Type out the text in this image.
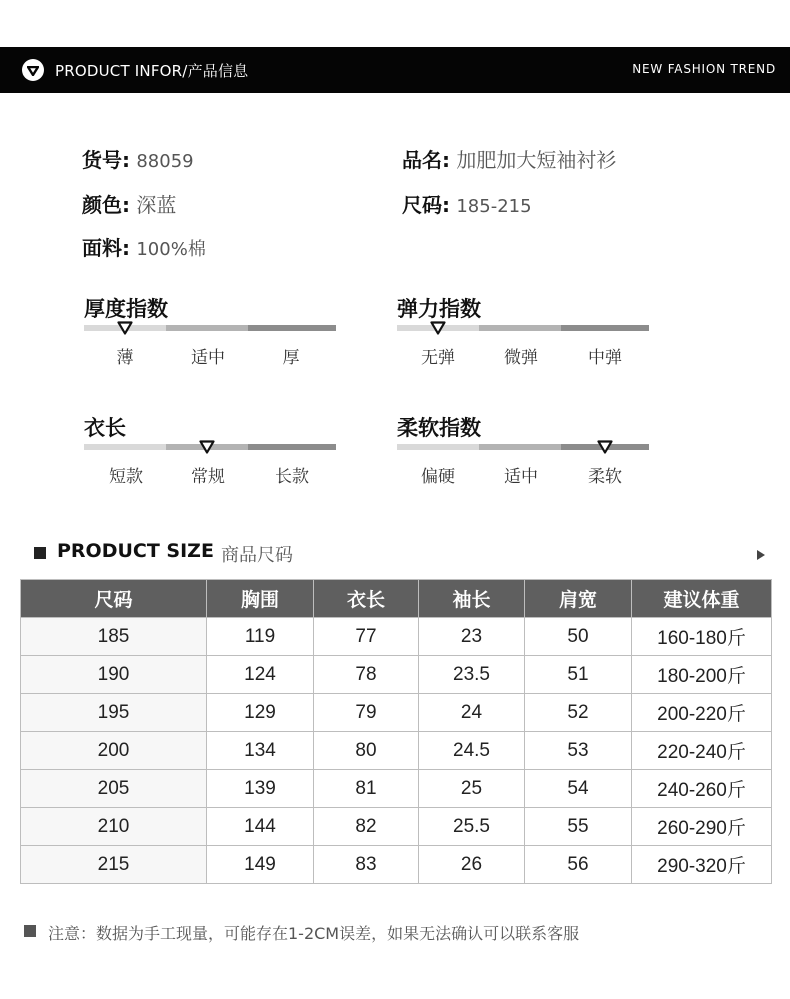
PRODUCT INFOR/产品信息	NEW FASHION TREND
货号: 88059	品名: 加肥加大短袖衬衫
颜色: 深蓝	尺码: 185-215
面料: 100%棉
厚度指数
薄	适中	厚
弹力指数
无弹	微弹	中弹
衣长
短款	常规	长款
柔软指数
偏硬	适中	柔软
PRODUCT SIZE 商品尺码
尺码	胸围	衣长	袖长	肩宽	建议体重
185	119	77	23	50	160-180斤
190	124	78	23.5	51	180-200斤
195	129	79	24	52	200-220斤
200	134	80	24.5	53	220-240斤
205	139	81	25	54	240-260斤
210	144	82	25.5	55	260-290斤
215	149	83	26	56	290-320斤
注意：数据为手工现量，可能存在1-2CM误差，如果无法确认可以联系客服
